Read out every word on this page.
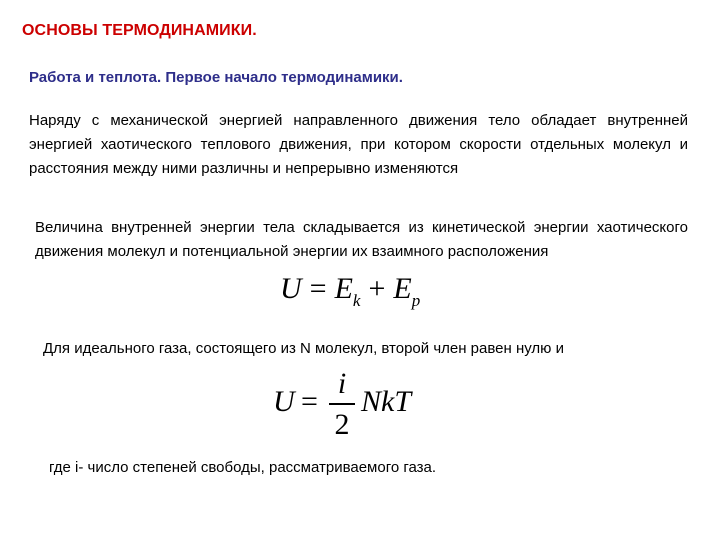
ОСНОВЫ ТЕРМОДИНАМИКИ.
Работа и теплота. Первое начало термодинамики.
Наряду с механической энергией направленного движения тело обладает внутренней энергией хаотического теплового движения, при котором скорости отдельных молекул и расстояния между ними различны и непрерывно изменяются
Величина внутренней энергии тела складывается из кинетической энергии хаотического движения молекул и потенциальной энергии их взаимного расположения
$U = E_k + E_p$
Для идеального газа, состоящего из N молекул, второй член равен нулю и
U =
i
2
NkT
где i- число степеней свободы, рассматриваемого газа.
